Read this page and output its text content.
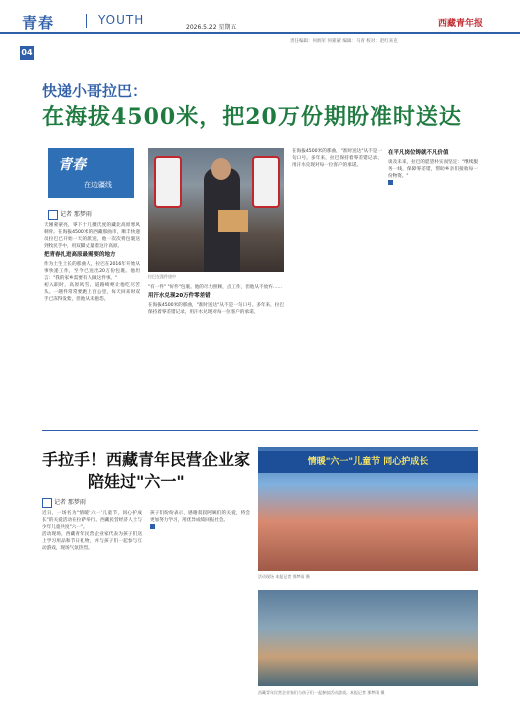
青春	YOUTH
2026.5.22 星期五	西藏青年报
04
责任编辑：何炳军 何蒙蒙 编辑：马青 校对：赵红来克
快递小哥拉巴：
在海拔4500米，把20万份期盼准时送达
青春
在边疆线
记者 那梦雨
天刚蒙蒙亮，零下十几摄氏度的藏北高原寒风刺骨。在海拔4500米的西藏那曲市，顺丰快递员拉巴已开始一天的派送，他一次次将包裹送到牧民手中，用双脚丈量着这片高原。
把青春扎进高原最需要的地方
作为土生土长的那曲人，拉巴在2016年开始从事快递工作，至今已送出20万份包裹。他坦言："我的家乡需要有人做这件事。"
初入职时，高原风雪、道路崎岖让他吃尽苦头。一趟件常常要跑上百公里，每天回来时双手已冻得发紫，但他从未抱怨。
拉巴在派件途中
"有一件" "好件"包裹。他的尽力照顾，点工作，但他从不放弃……
用汗水兑现20万件零差错
在海拔4500米的那曲，"准时送达"从不是一句口号。多年来，拉巴保持着零差错记录，用汗水兑现对每一位客户的承诺。
在海拔4500米的那曲，"准时送达"从不是一句口号。多年来，拉巴保持着零差错记录，用汗水兑现对每一位客户的承诺。
在平凡岗位铸就不凡价值
谈及未来，拉巴的愿望朴实而坚定："继续服务一线，保障零差错，帮助乡亲们接收每一份物资。"
手拉手！西藏青年民营企业家
陪娃过"六一"
记者 那梦雨
近日，一场名为"情暖'六一'儿童节，同心护成长"的关爱活动在拉萨举行。西藏民营经济人士与少年儿童共度"六一"。
活动现场，西藏青年民营企业家代表为孩子们送上学习用品和节日礼物，并与孩子们一起参与互动游戏，现场气氛热烈。
孩子们纷纷表示，感谢叔叔阿姨们的关爱，将会更加努力学习，用优异成绩回报社会。
情暖"六一"儿童节 同心护成长
活动现场 本报记者 那梦雨 摄
西藏青年民营企业家们与孩子们一起参加活动游戏。本报记者 那梦雨 摄
